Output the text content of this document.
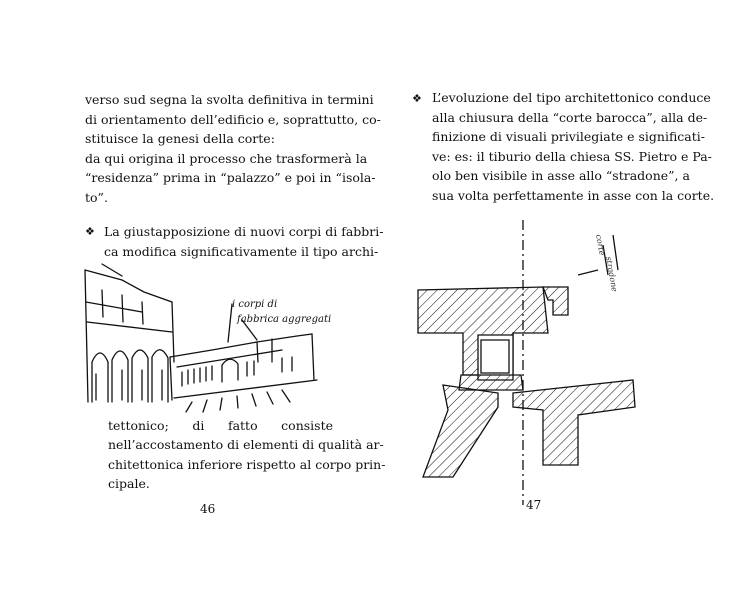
verso sud segna la svolta definitiva in termini
di orientamento dell’edificio e, soprattutto, co-
stituisce la genesi della corte:
da qui origina il processo che trasformerà la
“residenza” prima in “palazzo” e poi in “isola-
to”.
❖ La giustapposizione di nuovi corpi di fabbri-
ca modifica significativamente il tipo archi-
i corpi di
fabbrica aggregati
tettonico; di fatto consiste
nell’accostamento di elementi di qualità ar-
chitettonica inferiore rispetto al corpo prin-
cipale.
46
❖ L’evoluzione del tipo architettonico conduce
alla chiusura della “corte barocca”, alla de-
finizione di visuali privilegiate e significati-
ve: es: il tiburio della chiesa SS. Pietro e Pa-
olo ben visibile in asse allo “stradone”, a
sua volta perfettamente in asse con la corte.
corte
stradone
47
